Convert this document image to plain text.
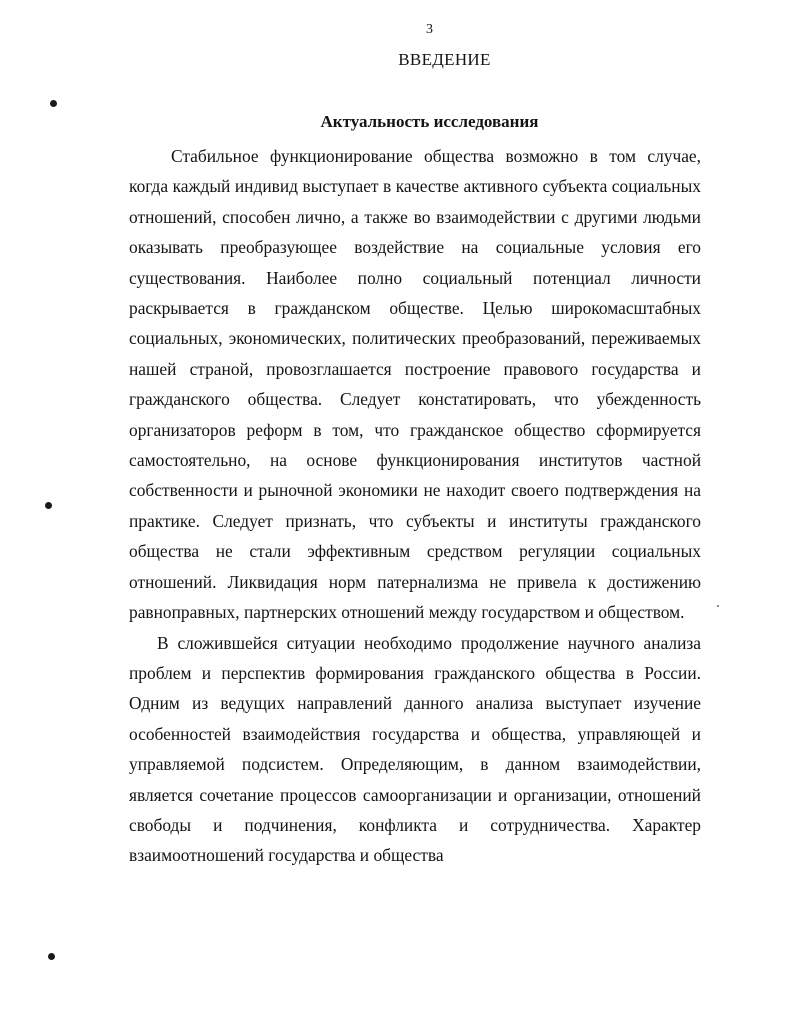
3
ВВЕДЕНИЕ
Актуальность исследования

Стабильное функционирование общества возможно в том случае, когда каждый индивид выступает в качестве активного субъекта социальных отношений, способен лично, а также во взаимодействии с другими людьми оказывать преобразующее воздействие на социальные условия его существования. Наиболее полно социальный потенциал личности раскрывается в гражданском обществе. Целью широкомасштабных социальных, экономических, политических преобразований, переживаемых нашей страной, провозглашается построение правового государства и гражданского общества. Следует констатировать, что убежденность организаторов реформ в том, что гражданское общество сформируется самостоятельно, на основе функционирования институтов частной собственности и рыночной экономики не находит своего подтверждения на практике. Следует признать, что субъекты и институты гражданского общества не стали эффективным средством регуляции социальных отношений. Ликвидация норм патернализма не привела к достижению равноправных, партнерских отношений между государством и обществом.

В сложившейся ситуации необходимо продолжение научного анализа проблем и перспектив формирования гражданского общества в России. Одним из ведущих направлений данного анализа выступает изучение особенностей взаимодействия государства и общества, управляющей и управляемой подсистем. Определяющим, в данном взаимодействии, является сочетание процессов самоорганизации и организации, отношений свободы и подчинения, конфликта и сотрудничества. Характер взаимоотношений государства и общества
